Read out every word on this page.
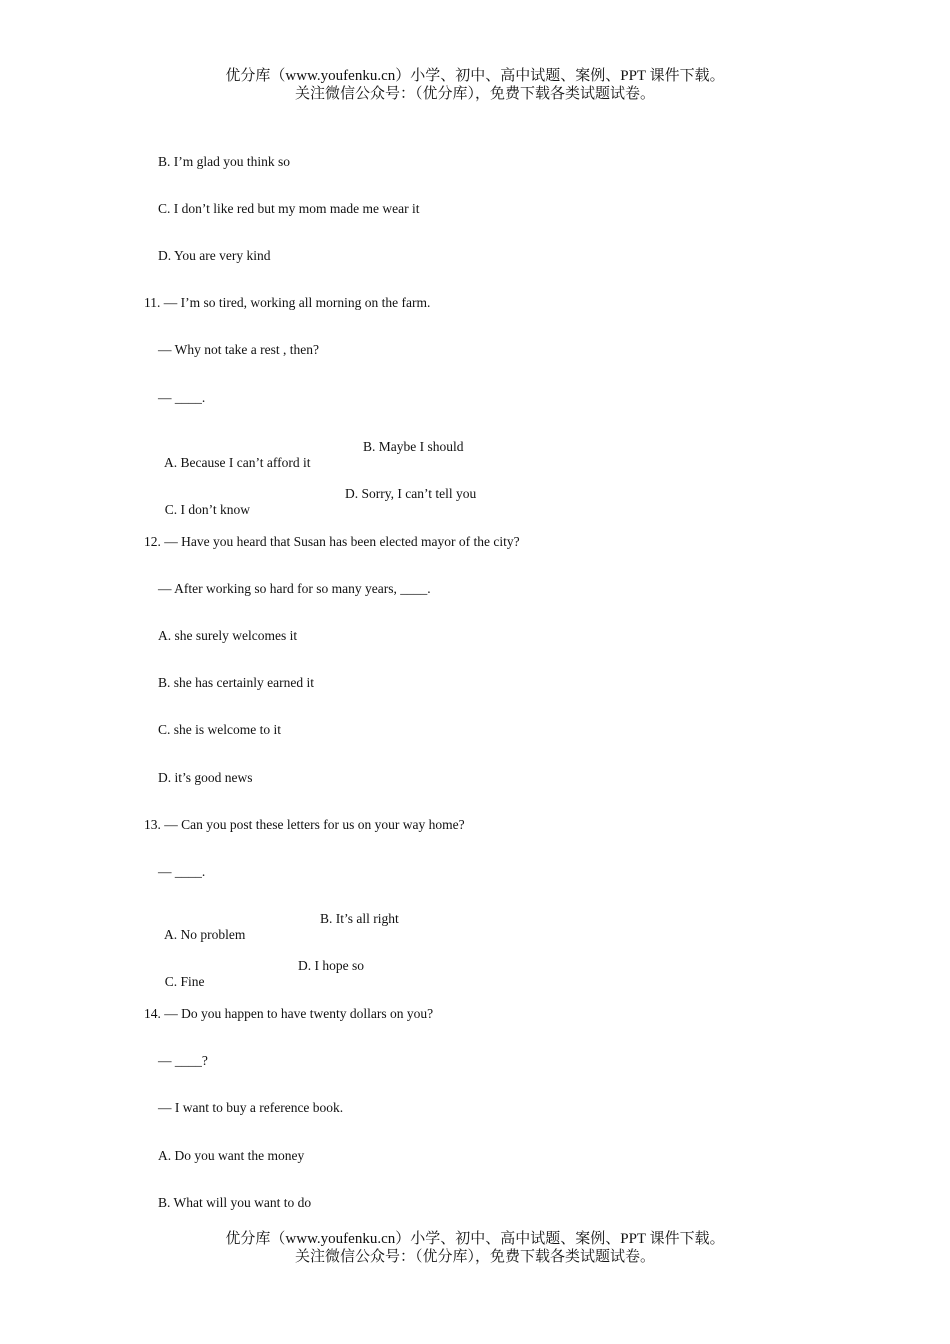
优分库（www.youfenku.cn）小学、初中、高中试题、案例、PPT 课件下载。
关注微信公众号：（优分库），免费下载各类试题试卷。
B. I’m glad you think so
C. I don’t like red but my mom made me wear it
D. You are very kind
11. — I’m so tired, working all morning on the farm.
— Why not take a rest , then?
— ____.

A. Because I can’t afford it

B. Maybe I should

C. I don’t know

D. Sorry, I can’t tell you

12. — Have you heard that Susan has been elected mayor of the city?
— After working so hard for so many years, ____.
A. she surely welcomes it
B. she has certainly earned it
C. she is welcome to it
D. it’s good news
13. — Can you post these letters for us on your way home?
— ____.

A. No problem

B. It’s all right

C. Fine

D. I hope so

14. — Do you happen to have twenty dollars on you?
— ____?
— I want to buy a reference book.
A. Do you want the money
B. What will you want to do
优分库（www.youfenku.cn）小学、初中、高中试题、案例、PPT 课件下载。
关注微信公众号：（优分库），免费下载各类试题试卷。
